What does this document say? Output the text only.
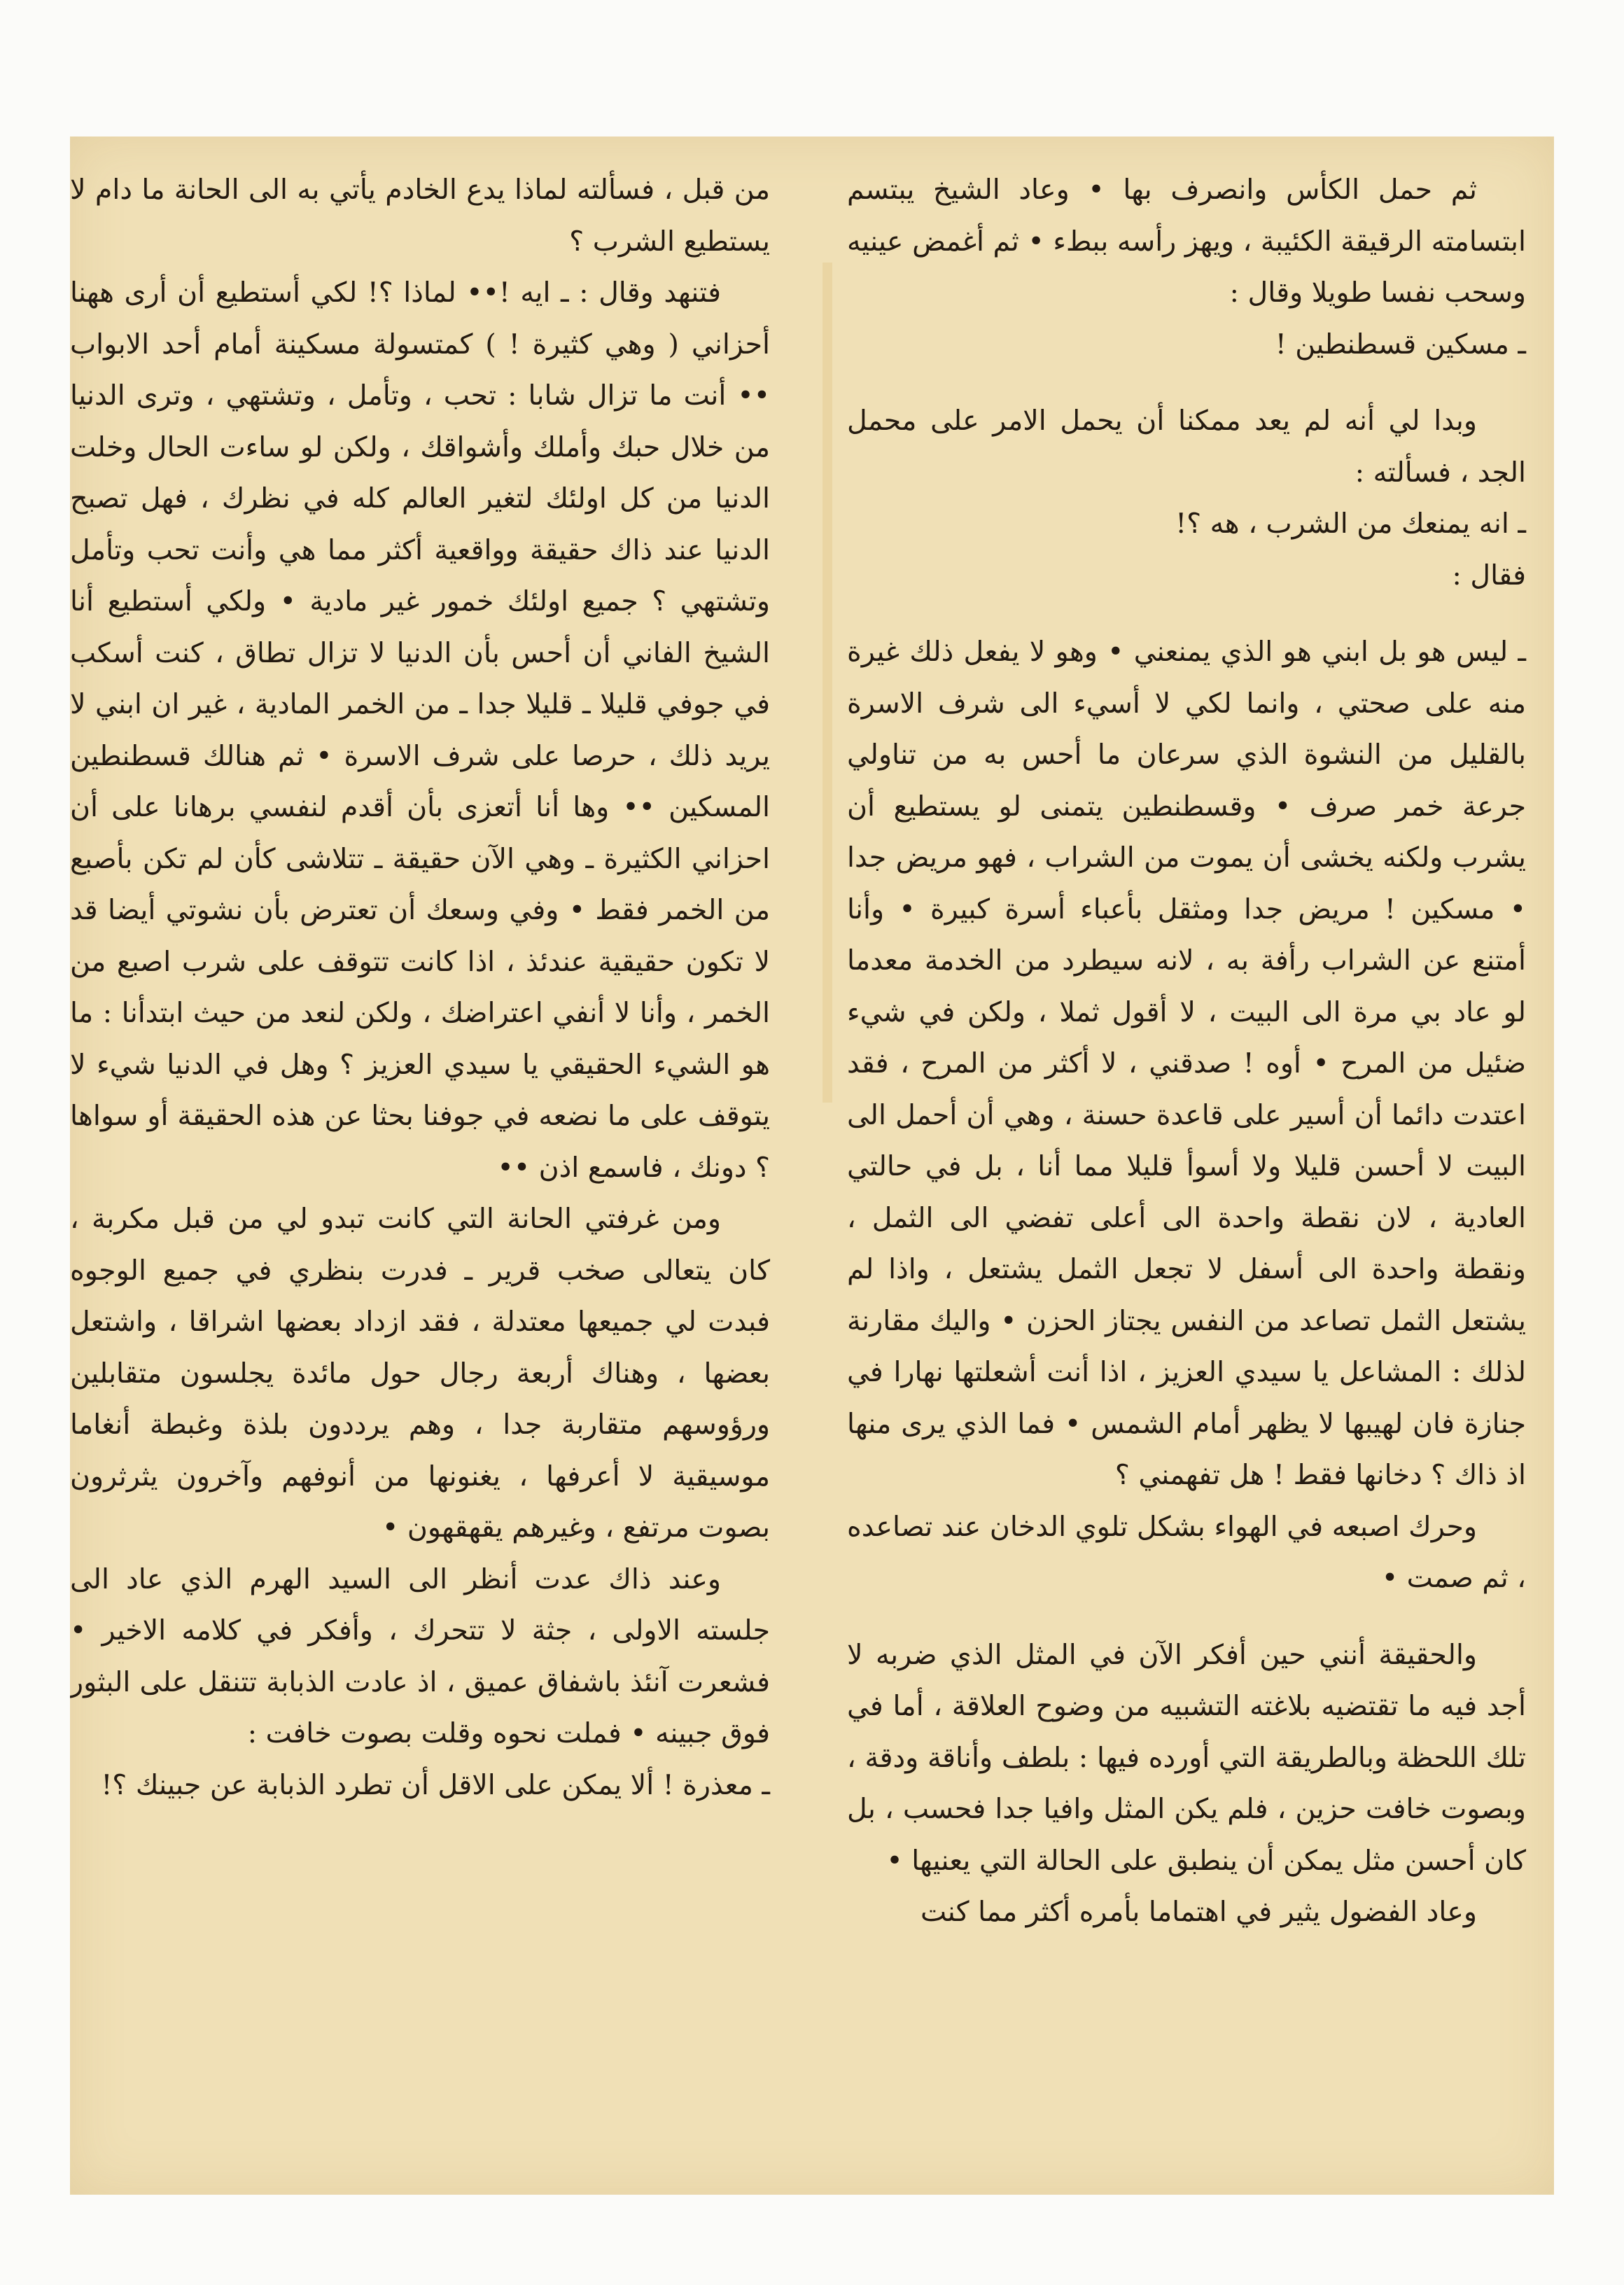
ثم حمل الكأس وانصرف بها • وعاد الشيخ يبتسم ابتسامته الرقيقة الكئيبة ، ويهز رأسه ببطء • ثم أغمض عينيه وسحب نفسا طويلا وقال :

ـ مسكين قسطنطين !

وبدا لي أنه لم يعد ممكنا أن يحمل الامر على محمل الجد ، فسألته :

ـ انه يمنعك من الشرب ، هه ؟!

فقال :

ـ ليس هو بل ابني هو الذي يمنعني • وهو لا يفعل ذلك غيرة منه على صحتي ، وانما لكي لا أسيء الى شرف الاسرة بالقليل من النشوة الذي سرعان ما أحس به من تناولي جرعة خمر صرف • وقسطنطين يتمنى لو يستطيع أن يشرب ولكنه يخشى أن يموت من الشراب ، فهو مريض جدا • مسكين ! مريض جدا ومثقل بأعباء أسرة كبيرة • وأنا أمتنع عن الشراب رأفة به ، لانه سيطرد من الخدمة معدما لو عاد بي مرة الى البيت ، لا أقول ثملا ، ولكن في شيء ضئيل من المرح • أوه ! صدقني ، لا أكثر من المرح ، فقد اعتدت دائما أن أسير على قاعدة حسنة ، وهي أن أحمل الى البيت لا أحسن قليلا ولا أسوأ قليلا مما أنا ، بل في حالتي العادية ، لان نقطة واحدة الى أعلى تفضي الى الثمل ، ونقطة واحدة الى أسفل لا تجعل الثمل يشتعل ، واذا لم يشتعل الثمل تصاعد من النفس يجتاز الحزن • واليك مقارنة لذلك : المشاعل يا سيدي العزيز ، اذا أنت أشعلتها نهارا في جنازة فان لهيبها لا يظهر أمام الشمس • فما الذي يرى منها اذ ذاك ؟ دخانها فقط ! هل تفهمني ؟

وحرك اصبعه في الهواء بشكل تلوي الدخان عند تصاعده ، ثم صمت •

والحقيقة أنني حين أفكر الآن في المثل الذي ضربه لا أجد فيه ما تقتضيه بلاغته التشبيه من وضوح العلاقة ، أما في تلك اللحظة وبالطريقة التي أورده فيها : بلطف وأناقة ودقة ، وبصوت خافت حزين ، فلم يكن المثل وافيا جدا فحسب ، بل كان أحسن مثل يمكن أن ينطبق على الحالة التي يعنيها •

وعاد الفضول يثير في اهتماما بأمره أكثر مما كنت

من قبل ، فسألته لماذا يدع الخادم يأتي به الى الحانة ما دام لا يستطيع الشرب ؟

فتنهد وقال : ـ ايه !•• لماذا ؟! لكي أستطيع أن أرى ههنا أحزاني ( وهي كثيرة ! ) كمتسولة مسكينة أمام أحد الابواب •• أنت ما تزال شابا : تحب ، وتأمل ، وتشتهي ، وترى الدنيا من خلال حبك وأملك وأشواقك ، ولكن لو ساءت الحال وخلت الدنيا من كل اولئك لتغير العالم كله في نظرك ، فهل تصبح الدنيا عند ذاك حقيقة وواقعية أكثر مما هي وأنت تحب وتأمل وتشتهي ؟ جميع اولئك خمور غير مادية • ولكي أستطيع أنا الشيخ الفاني أن أحس بأن الدنيا لا تزال تطاق ، كنت أسكب في جوفي قليلا ـ قليلا جدا ـ من الخمر المادية ، غير ان ابني لا يريد ذلك ، حرصا على شرف الاسرة • ثم هنالك قسطنطين المسكين •• وها أنا أتعزى بأن أقدم لنفسي برهانا على أن احزاني الكثيرة ـ وهي الآن حقيقة ـ تتلاشى كأن لم تكن بأصبع من الخمر فقط • وفي وسعك أن تعترض بأن نشوتي أيضا قد لا تكون حقيقية عندئذ ، اذا كانت تتوقف على شرب اصبع من الخمر ، وأنا لا أنفي اعتراضك ، ولكن لنعد من حيث ابتدأنا : ما هو الشيء الحقيقي يا سيدي العزيز ؟ وهل في الدنيا شيء لا يتوقف على ما نضعه في جوفنا بحثا عن هذه الحقيقة أو سواها ؟ دونك ، فاسمع اذن ••

ومن غرفتي الحانة التي كانت تبدو لي من قبل مكربة ، كان يتعالى صخب قرير ـ فدرت بنظري في جميع الوجوه فبدت لي جميعها معتدلة ، فقد ازداد بعضها اشراقا ، واشتعل بعضها ، وهناك أربعة رجال حول مائدة يجلسون متقابلين ورؤوسهم متقاربة جدا ، وهم يرددون بلذة وغبطة أنغاما موسيقية لا أعرفها ، يغنونها من أنوفهم وآخرون يثرثرون بصوت مرتفع ، وغيرهم يقهقهون •

وعند ذاك عدت أنظر الى السيد الهرم الذي عاد الى جلسته الاولى ، جثة لا تتحرك ، وأفكر في كلامه الاخير • فشعرت آنئذ باشفاق عميق ، اذ عادت الذبابة تتنقل على البثور فوق جبينه • فملت نحوه وقلت بصوت خافت :

ـ معذرة ! ألا يمكن على الاقل أن تطرد الذبابة عن جبينك ؟!
